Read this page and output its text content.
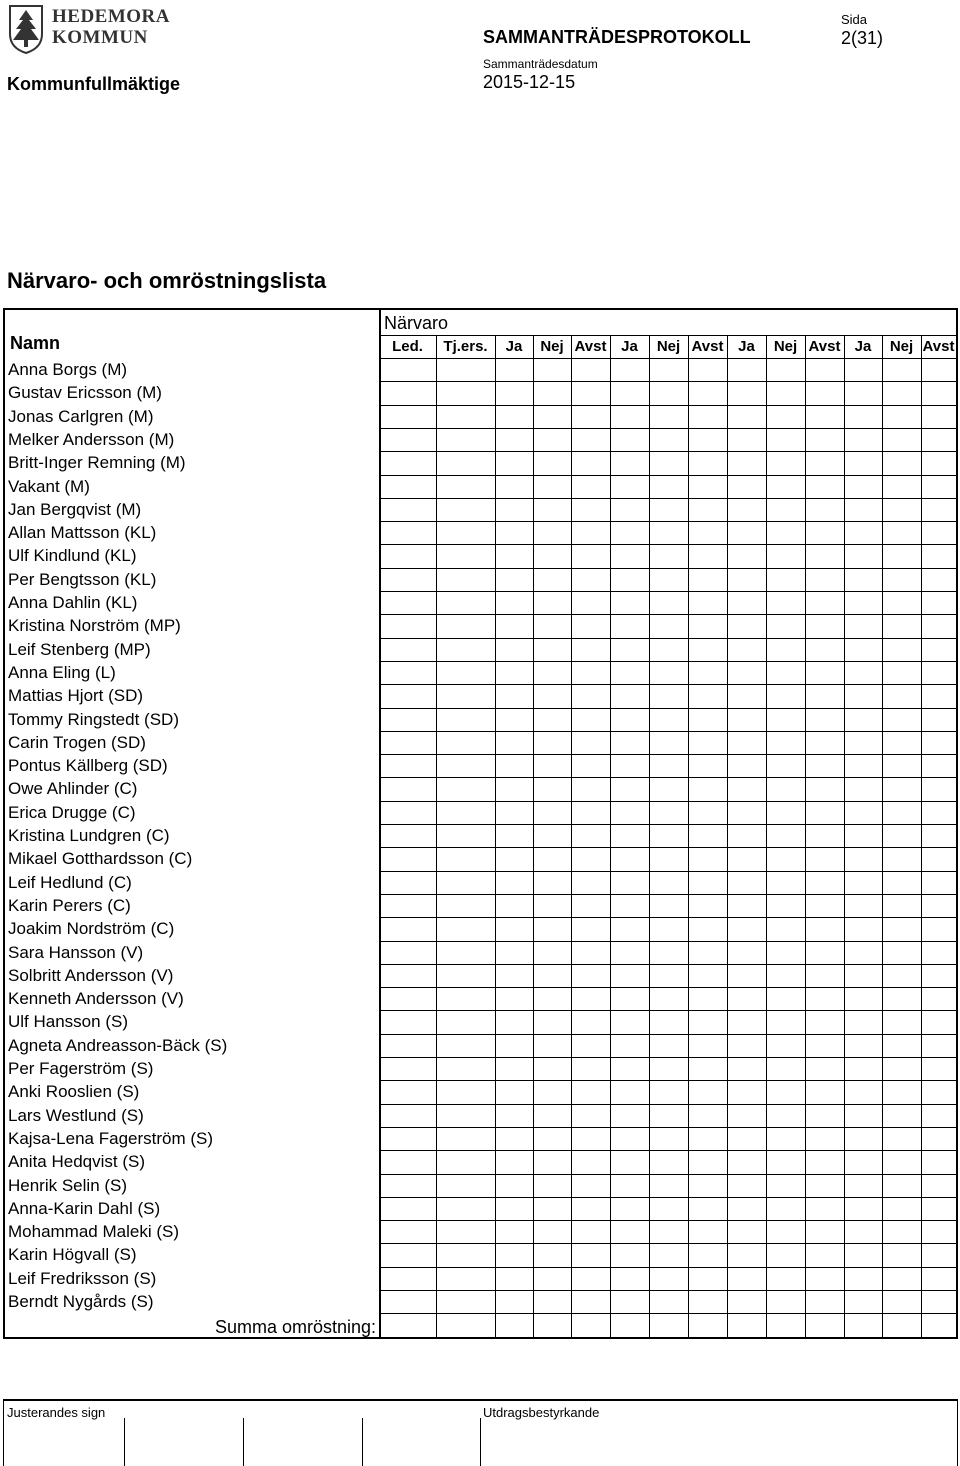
HEDEMORA
KOMMUN	SAMMANTRÄDESPROTOKOLL
Sida
2(31)
Kommunfullmäktige
Sammanträdesdatum
2015-12-15
Närvaro- och omröstningslista
Närvaro
Namn
Summa omröstning:
Led.	Tj.ers.	Ja	Nej Avst Ja	Nej Avst Ja	Nej Avst Ja	Nej Avst
Anna Borgs (M)
Gustav Ericsson (M)
Jonas Carlgren (M)
Melker Andersson (M)
Britt-Inger Remning (M)
Vakant (M)
Jan Bergqvist (M)
Allan Mattsson (KL)
Ulf Kindlund (KL)
Per Bengtsson (KL)
Anna Dahlin (KL)
Kristina Norström (MP)
Leif Stenberg (MP)
Anna Eling (L)
Mattias Hjort (SD)
Tommy Ringstedt (SD)
Carin Trogen (SD)
Pontus Källberg (SD)
Owe Ahlinder (C)
Erica Drugge (C)
Kristina Lundgren (C)
Mikael Gotthardsson (C)
Leif Hedlund (C)
Karin Perers (C)
Joakim Nordström (C)
Sara Hansson (V)
Solbritt Andersson (V)
Kenneth Andersson (V)
Ulf Hansson (S)
Agneta Andreasson-Bäck (S)
Per Fagerström (S)
Anki Rooslien (S)
Lars Westlund (S)
Kajsa-Lena Fagerström (S)
Anita Hedqvist (S)
Henrik Selin (S)
Anna-Karin Dahl (S)
Mohammad Maleki (S)
Karin Högvall (S)
Leif Fredriksson (S)
Berndt Nygårds (S)
Justerandes sign	Utdragsbestyrkande
